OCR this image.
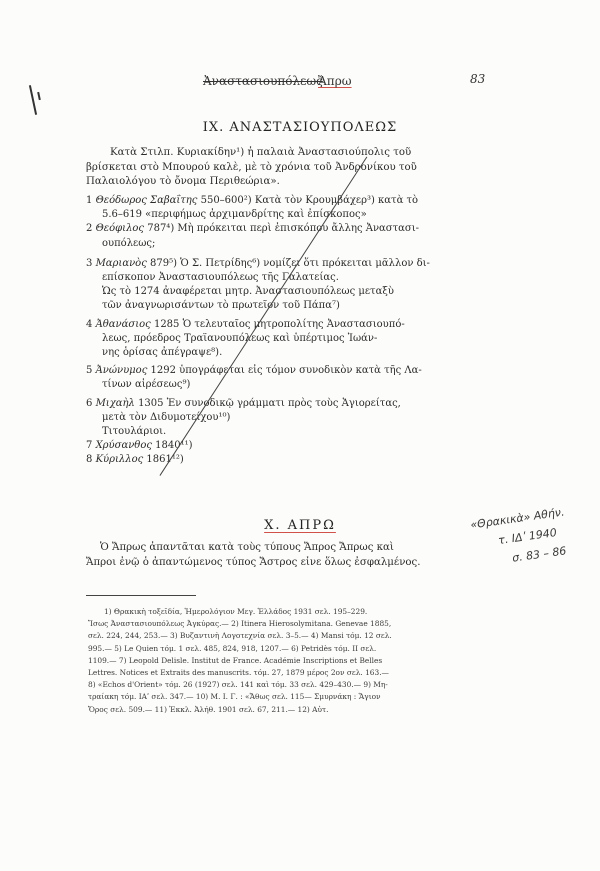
Ἀναστασιουπόλεως
Ἄπρω	83
IX. ΑΝΑΣΤΑΣΙΟΥΠΟΛΕΩΣ
Κατὰ Στιλπ. Κυριακίδην¹) ἡ παλαιὰ Ἀναστασιούπολις τοῦ
βρίσκεται στὸ Μπουρού καλὲ, μὲ τὸ χρόνια τοῦ Ἀνδρονίκου τοῦ
Παλαιολόγου τὸ ὄνομα Περιθεώρια».
1 Θεόδωρος Σαβαΐτης 550–600²) Κατὰ τὸν Κρουμβάχερ³) κατὰ τὸ
5.6–619 «περιφήμως ἀρχιμανδρίτης καὶ ἐπίσκοπος»
2 Θεόφιλος 787⁴) Μὴ πρόκειται περὶ ἐπισκόπου ἄλλης Ἀναστασι-
ουπόλεως;
3 Μαριανὸς 879⁵) Ὁ Σ. Πετρίδης⁶) νομίζει ὅτι πρόκειται μᾶλλον δι-
επίσκοπον Ἀναστασιουπόλεως τῆς Γαλατείας.
Ὡς τὸ 1274 ἀναφέρεται μητρ. Ἀναστασιουπόλεως μεταξὺ
τῶν ἀναγνωρισάντων τὸ πρωτεῖον τοῦ Πάπα⁷)
4 Ἀθανάσιος 1285 Ὁ τελευταῖος μητροπολίτης Ἀναστασιουπό-
λεως, πρόεδρος Τραϊανουπόλεως καὶ ὑπέρτιμος Ἰωάν-
νης ὁρίσας ἀπέγραψε⁸).
5 Ἀνώνυμος 1292 ὑπογράφεται εἰς τόμον συνοδικὸν κατὰ τῆς Λα-
τίνων αἱρέσεως⁹)
6 Μιχαὴλ 1305 Ἐν συνοδικῷ γράμματι πρὸς τοὺς Ἁγιορείτας,
μετὰ τὸν Διδυμοτείχου¹⁰)
Τιτουλάριοι.
7 Χρύσανθος 1840¹¹)
8 Κύριλλος 1861¹²)
«Θρακικὰ» Αθήν.
τ. ΙΔʹ 1940
σ. 83 – 86
X. ΑΠΡΩ
Ὁ Ἄπρως ἀπαντᾶται κατὰ τοὺς τύπους Ἄπρος Ἄπρως καὶ
Ἄπροι ἐνῷ ὁ ἀπαντώμενος τύπος Ἄστρος εἶνε ὅλως ἐσφαλμένος.
1) Θρακικὴ τοξεῖδία, Ἡμερολόγιον Μεγ. Ἑλλάδος 1931 σελ. 195–229.
Ἴσως Ἀναστασιουπόλεως Ἀγκύρας.— 2) Itinera Hierosolymitana. Genevae 1885,
σελ. 224, 244, 253.— 3) Βυζαντινὴ Λογοτεχνία σελ. 3–5.— 4) Mansi τόμ. 12 σελ.
995.— 5) Le Quien τόμ. 1 σελ. 485, 824, 918, 1207.— 6) Petridès τόμ. II σελ.
1109.— 7) Leopold Delisle. Institut de France. Académie Inscriptions et Belles
Lettres. Notices et Extraits des manuscrits. τόμ. 27, 1879 μέρος 2ον σελ. 163.—
8) «Echos d'Orient» τόμ. 26 (1927) σελ. 141 καὶ τόμ. 33 σελ. 429–430.— 9) Μη-
τραίακη τόμ. ΙΑʹ σελ. 347.— 10) Μ. Ι. Γ. : «Ἄθως σελ. 115— Σμυρνάκη : Ἅγιον
Ὄρος σελ. 509.— 11) Ἐκκλ. Ἀλήθ. 1901 σελ. 67, 211.— 12) Αὐτ.
